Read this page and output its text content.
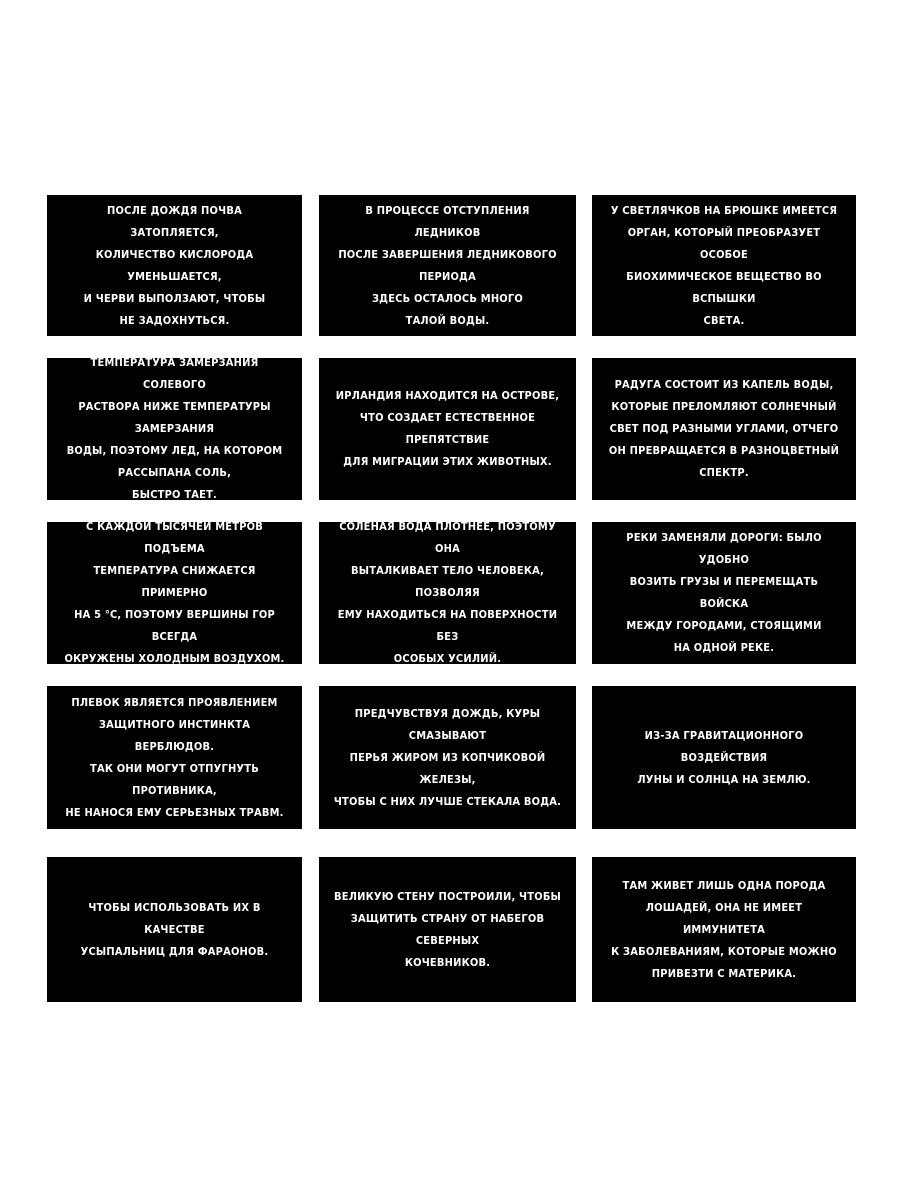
ПОСЛЕ ДОЖДЯ ПОЧВА ЗАТОПЛЯЕТСЯ,
КОЛИЧЕСТВО КИСЛОРОДА УМЕНЬШАЕТСЯ,
И ЧЕРВИ ВЫПОЛЗАЮТ, ЧТОБЫ
НЕ ЗАДОХНУТЬСЯ.
В ПРОЦЕССЕ ОТСТУПЛЕНИЯ ЛЕДНИКОВ
ПОСЛЕ ЗАВЕРШЕНИЯ ЛЕДНИКОВОГО ПЕРИОДА
ЗДЕСЬ ОСТАЛОСЬ МНОГО
ТАЛОЙ ВОДЫ.
У СВЕТЛЯЧКОВ НА БРЮШКЕ ИМЕЕТСЯ
ОРГАН, КОТОРЫЙ ПРЕОБРАЗУЕТ ОСОБОЕ
БИОХИМИЧЕСКОЕ ВЕЩЕСТВО ВО ВСПЫШКИ
СВЕТА.
ТЕМПЕРАТУРА ЗАМЕРЗАНИЯ СОЛЕВОГО
РАСТВОРА НИЖЕ ТЕМПЕРАТУРЫ ЗАМЕРЗАНИЯ
ВОДЫ, ПОЭТОМУ ЛЕД, НА КОТОРОМ
РАССЫПАНА СОЛЬ,
БЫСТРО ТАЕТ.
ИРЛАНДИЯ НАХОДИТСЯ НА ОСТРОВЕ,
ЧТО СОЗДАЕТ ЕСТЕСТВЕННОЕ ПРЕПЯТСТВИЕ
ДЛЯ МИГРАЦИИ ЭТИХ ЖИВОТНЫХ.
РАДУГА СОСТОИТ ИЗ КАПЕЛЬ ВОДЫ,
КОТОРЫЕ ПРЕЛОМЛЯЮТ СОЛНЕЧНЫЙ
СВЕТ ПОД РАЗНЫМИ УГЛАМИ, ОТЧЕГО
ОН ПРЕВРАЩАЕТСЯ В РАЗНОЦВЕТНЫЙ СПЕКТР.
С КАЖДОЙ ТЫСЯЧЕЙ МЕТРОВ ПОДЪЕМА
ТЕМПЕРАТУРА СНИЖАЕТСЯ ПРИМЕРНО
НА 5 °С, ПОЭТОМУ ВЕРШИНЫ ГОР ВСЕГДА
ОКРУЖЕНЫ ХОЛОДНЫМ ВОЗДУХОМ.
СОЛЕНАЯ ВОДА ПЛОТНЕЕ, ПОЭТОМУ ОНА
ВЫТАЛКИВАЕТ ТЕЛО ЧЕЛОВЕКА, ПОЗВОЛЯЯ
ЕМУ НАХОДИТЬСЯ НА ПОВЕРХНОСТИ БЕЗ
ОСОБЫХ УСИЛИЙ.
РЕКИ ЗАМЕНЯЛИ ДОРОГИ: БЫЛО УДОБНО
ВОЗИТЬ ГРУЗЫ И ПЕРЕМЕЩАТЬ ВОЙСКА
МЕЖДУ ГОРОДАМИ, СТОЯЩИМИ
НА ОДНОЙ РЕКЕ.
ПЛЕВОК ЯВЛЯЕТСЯ ПРОЯВЛЕНИЕМ
ЗАЩИТНОГО ИНСТИНКТА ВЕРБЛЮДОВ.
ТАК ОНИ МОГУТ ОТПУГНУТЬ ПРОТИВНИКА,
НЕ НАНОСЯ ЕМУ СЕРЬЕЗНЫХ ТРАВМ.
ПРЕДЧУВСТВУЯ ДОЖДЬ, КУРЫ СМАЗЫВАЮТ
ПЕРЬЯ ЖИРОМ ИЗ КОПЧИКОВОЙ ЖЕЛЕЗЫ,
ЧТОБЫ С НИХ ЛУЧШЕ СТЕКАЛА ВОДА.
ИЗ-ЗА ГРАВИТАЦИОННОГО ВОЗДЕЙСТВИЯ
ЛУНЫ И СОЛНЦА НА ЗЕМЛЮ.
ЧТОБЫ ИСПОЛЬЗОВАТЬ ИХ В КАЧЕСТВЕ
УСЫПАЛЬНИЦ ДЛЯ ФАРАОНОВ.
ВЕЛИКУЮ СТЕНУ ПОСТРОИЛИ, ЧТОБЫ
ЗАЩИТИТЬ СТРАНУ ОТ НАБЕГОВ СЕВЕРНЫХ
КОЧЕВНИКОВ.
ТАМ ЖИВЕТ ЛИШЬ ОДНА ПОРОДА
ЛОШАДЕЙ, ОНА НЕ ИМЕЕТ ИММУНИТЕТА
К ЗАБОЛЕВАНИЯМ, КОТОРЫЕ МОЖНО
ПРИВЕЗТИ С МАТЕРИКА.
